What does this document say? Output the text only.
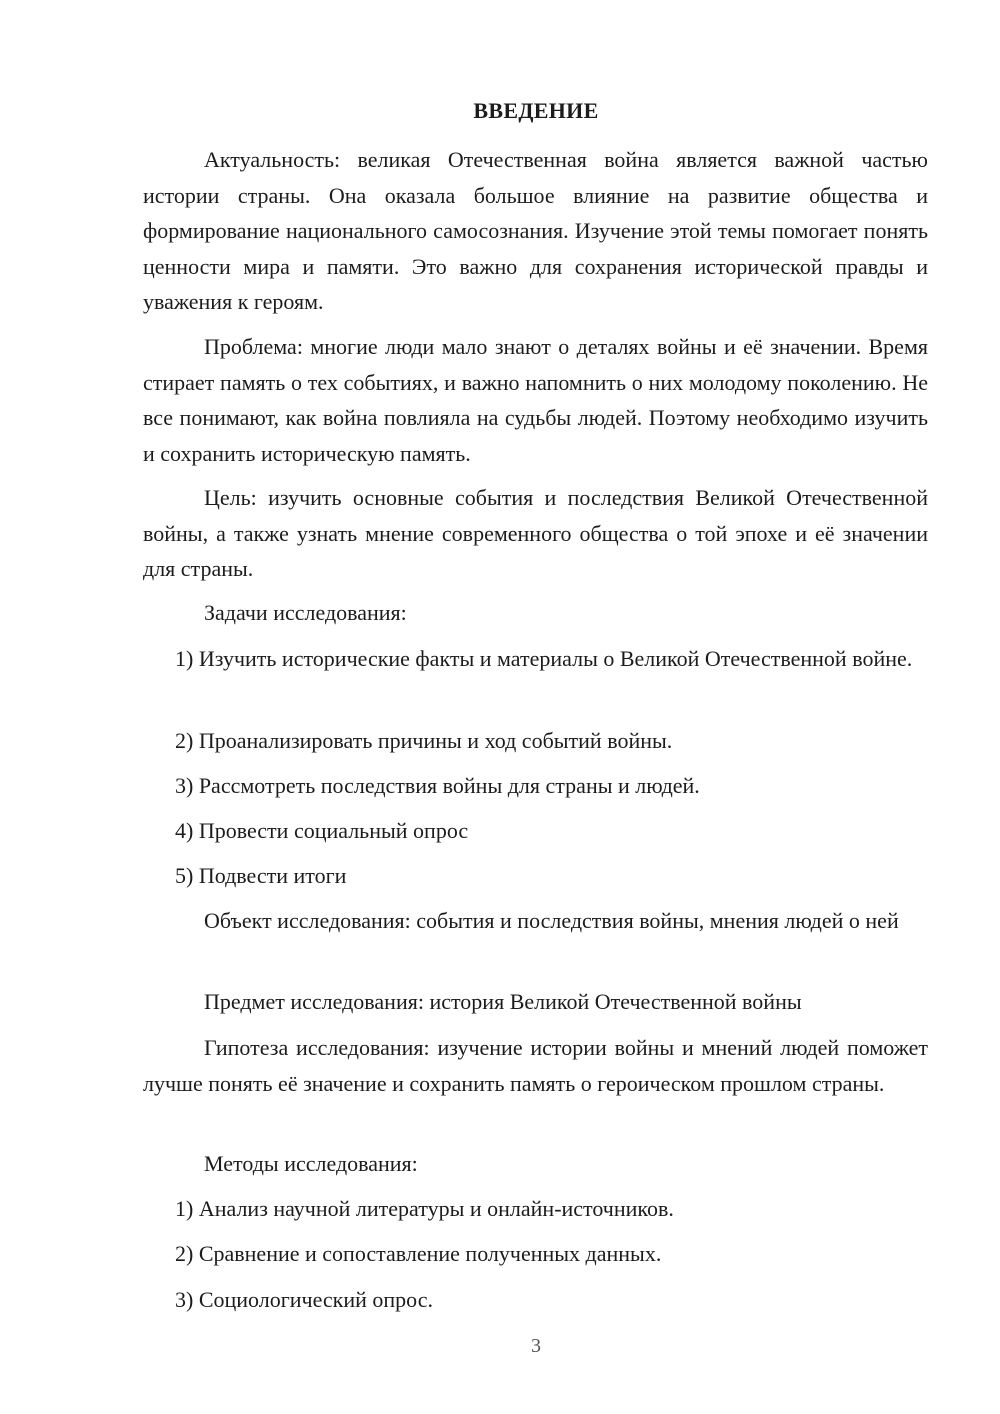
ВВЕДЕНИЕ

Актуальность: великая Отечественная война является важной частью истории страны. Она оказала большое влияние на развитие общества и формирование национального самосознания. Изучение этой темы помогает понять ценности мира и памяти. Это важно для сохранения исторической правды и уважения к героям.

Проблема: многие люди мало знают о деталях войны и её значении. Время стирает память о тех событиях, и важно напомнить о них молодому поколению. Не все понимают, как война повлияла на судьбы людей. Поэтому необходимо изучить и сохранить историческую память.

Цель: изучить основные события и последствия Великой Отечественной войны, а также узнать мнение современного общества о той эпохе и её значении для страны.

Задачи исследования:

1) Изучить исторические факты и материалы о Великой Отечественной войне.

2) Проанализировать причины и ход событий войны.

3) Рассмотреть последствия войны для страны и людей.

4) Провести социальный опрос

5) Подвести итоги

Объект исследования: события и последствия войны, мнения людей о ней

Предмет исследования: история Великой Отечественной войны

Гипотеза исследования: изучение истории войны и мнений людей поможет лучше понять её значение и сохранить память о героическом прошлом страны.

Методы исследования:

1) Анализ научной литературы и онлайн-источников.

2) Сравнение и сопоставление полученных данных.

3) Социологический опрос.

3
